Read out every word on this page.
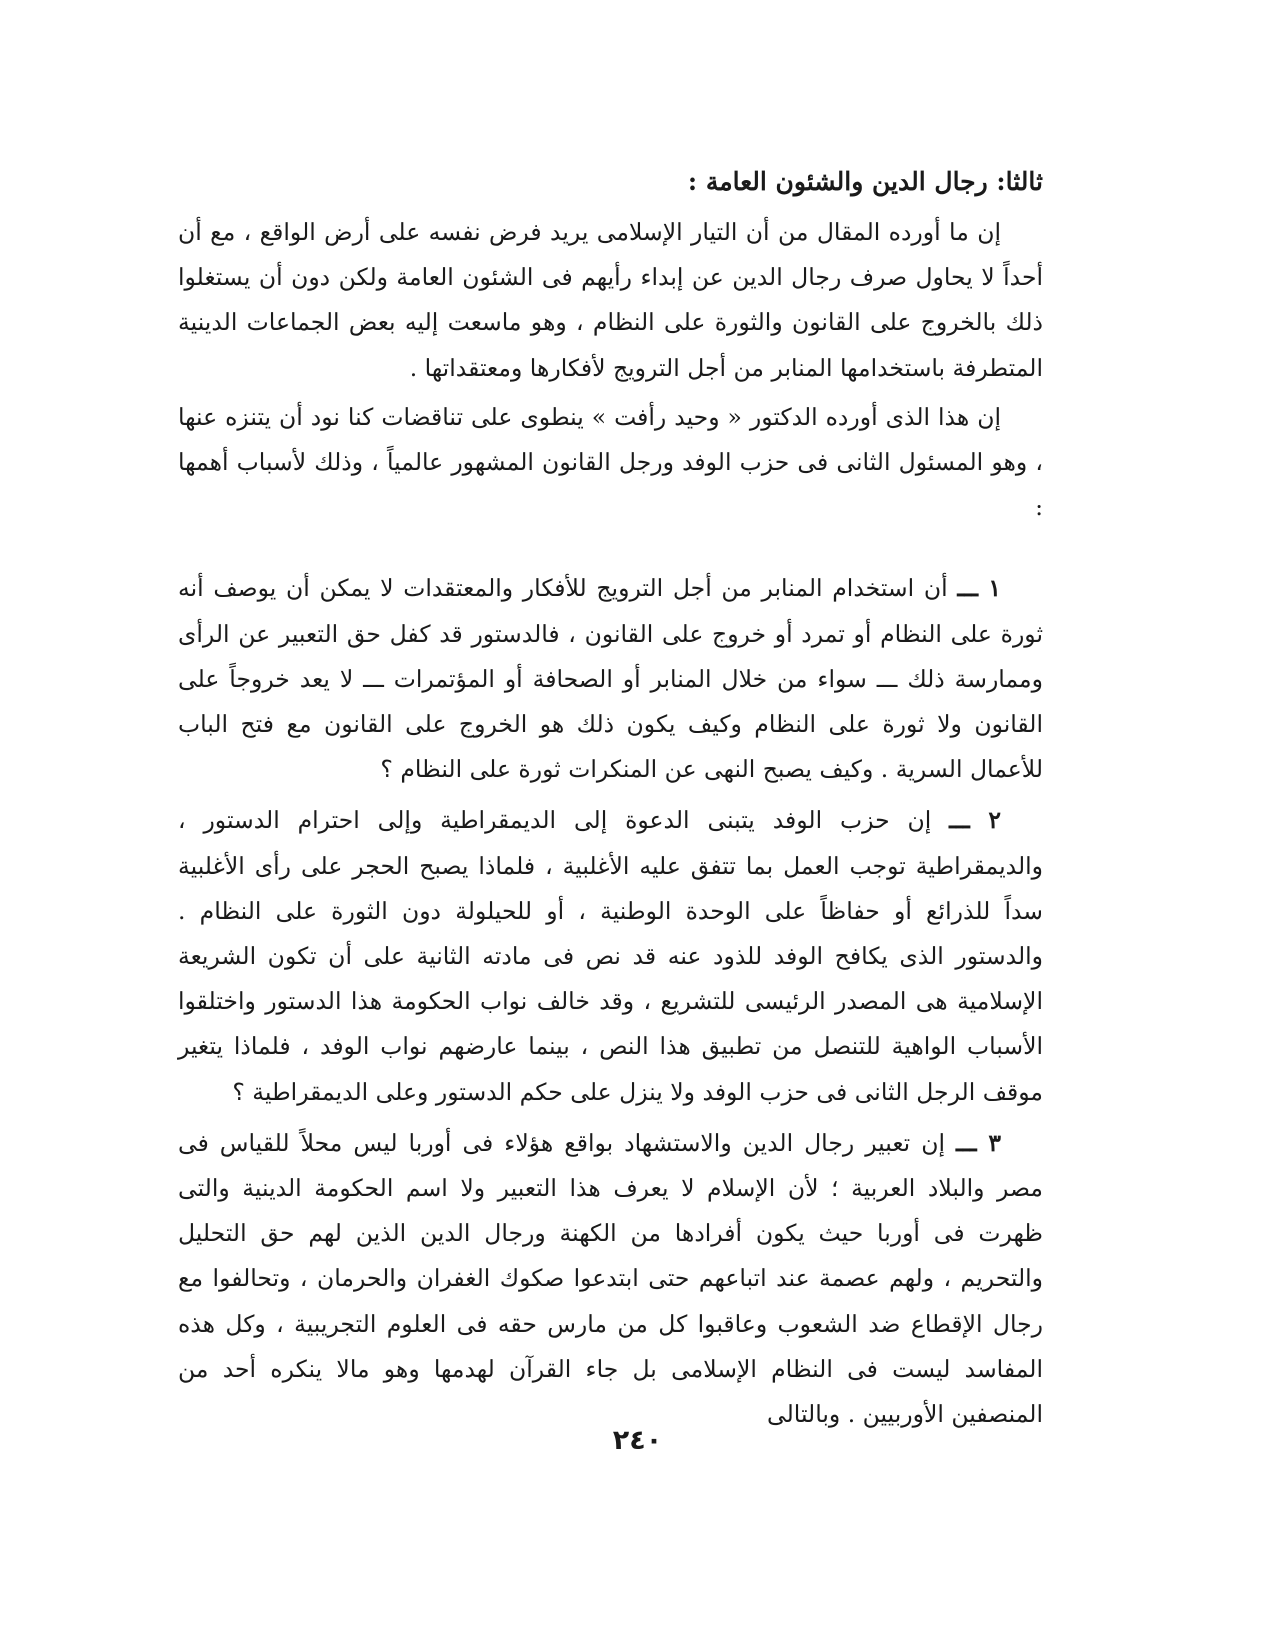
ثالثا: رجال الدين والشئون العامة :

إن ما أورده المقال من أن التيار الإسلامى يريد فرض نفسه على أرض الواقع ، مع أن أحداً لا يحاول صرف رجال الدين عن إبداء رأيهم فى الشئون العامة ولكن دون أن يستغلوا ذلك بالخروج على القانون والثورة على النظام ، وهو ماسعت إليه بعض الجماعات الدينية المتطرفة باستخدامها المنابر من أجل الترويج لأفكارها ومعتقداتها .

إن هذا الذى أورده الدكتور « وحيد رأفت » ينطوى على تناقضات كنا نود أن يتنزه عنها ، وهو المسئول الثانى فى حزب الوفد ورجل القانون المشهور عالمياً ، وذلك لأسباب أهمها :

١ ـــ أن استخدام المنابر من أجل الترويج للأفكار والمعتقدات لا يمكن أن يوصف أنه ثورة على النظام أو تمرد أو خروج على القانون ، فالدستور قد كفل حق التعبير عن الرأى وممارسة ذلك ـــ سواء من خلال المنابر أو الصحافة أو المؤتمرات ـــ لا يعد خروجاً على القانون ولا ثورة على النظام وكيف يكون ذلك هو الخروج على القانون مع فتح الباب للأعمال السرية . وكيف يصبح النهى عن المنكرات ثورة على النظام ؟

٢ ـــ إن حزب الوفد يتبنى الدعوة إلى الديمقراطية وإلى احترام الدستور ، والديمقراطية توجب العمل بما تتفق عليه الأغلبية ، فلماذا يصبح الحجر على رأى الأغلبية سداً للذرائع أو حفاظاً على الوحدة الوطنية ، أو للحيلولة دون الثورة على النظام . والدستور الذى يكافح الوفد للذود عنه قد نص فى مادته الثانية على أن تكون الشريعة الإسلامية هى المصدر الرئيسى للتشريع ، وقد خالف نواب الحكومة هذا الدستور واختلقوا الأسباب الواهية للتنصل من تطبيق هذا النص ، بينما عارضهم نواب الوفد ، فلماذا يتغير موقف الرجل الثانى فى حزب الوفد ولا ينزل على حكم الدستور وعلى الديمقراطية ؟

٣ ـــ إن تعبير رجال الدين والاستشهاد بواقع هؤلاء فى أوربا ليس محلاً للقياس فى مصر والبلاد العربية ؛ لأن الإسلام لا يعرف هذا التعبير ولا اسم الحكومة الدينية والتى ظهرت فى أوربا حيث يكون أفرادها من الكهنة ورجال الدين الذين لهم حق التحليل والتحريم ، ولهم عصمة عند اتباعهم حتى ابتدعوا صكوك الغفران والحرمان ، وتحالفوا مع رجال الإقطاع ضد الشعوب وعاقبوا كل من مارس حقه فى العلوم التجريبية ، وكل هذه المفاسد ليست فى النظام الإسلامى بل جاء القرآن لهدمها وهو مالا ينكره أحد من المنصفين الأوربيين . وبالتالى

٢٤٠
